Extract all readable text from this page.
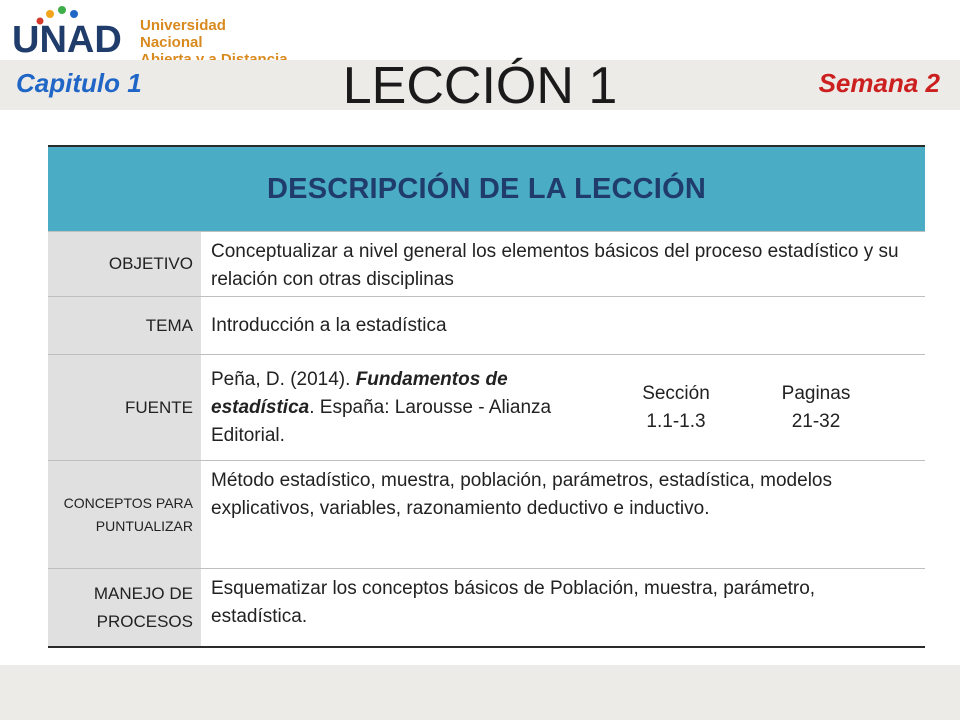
UNAD Universidad Nacional
Capitulo 1	LECCIÓN 1	Semana 2
DESCRIPCIÓN DE LA LECCIÓN
OBJETIVO
Conceptualizar a nivel general los elementos básicos del proceso estadístico y su relación con otras disciplinas
TEMA Introducción a la estadística
FUENTE
Peña, D. (2014). Fundamentos de estadística. España: Larousse - Alianza Editorial.
Sección
1.1-1.3
Paginas
21-32
CONCEPTOS PARA PUNTUALIZAR
Método estadístico, muestra, población, parámetros, estadística, modelos explicativos, variables, razonamiento deductivo e inductivo.
MANEJO DE PROCESOS
Esquematizar los conceptos básicos de Población, muestra, parámetro, estadística.
